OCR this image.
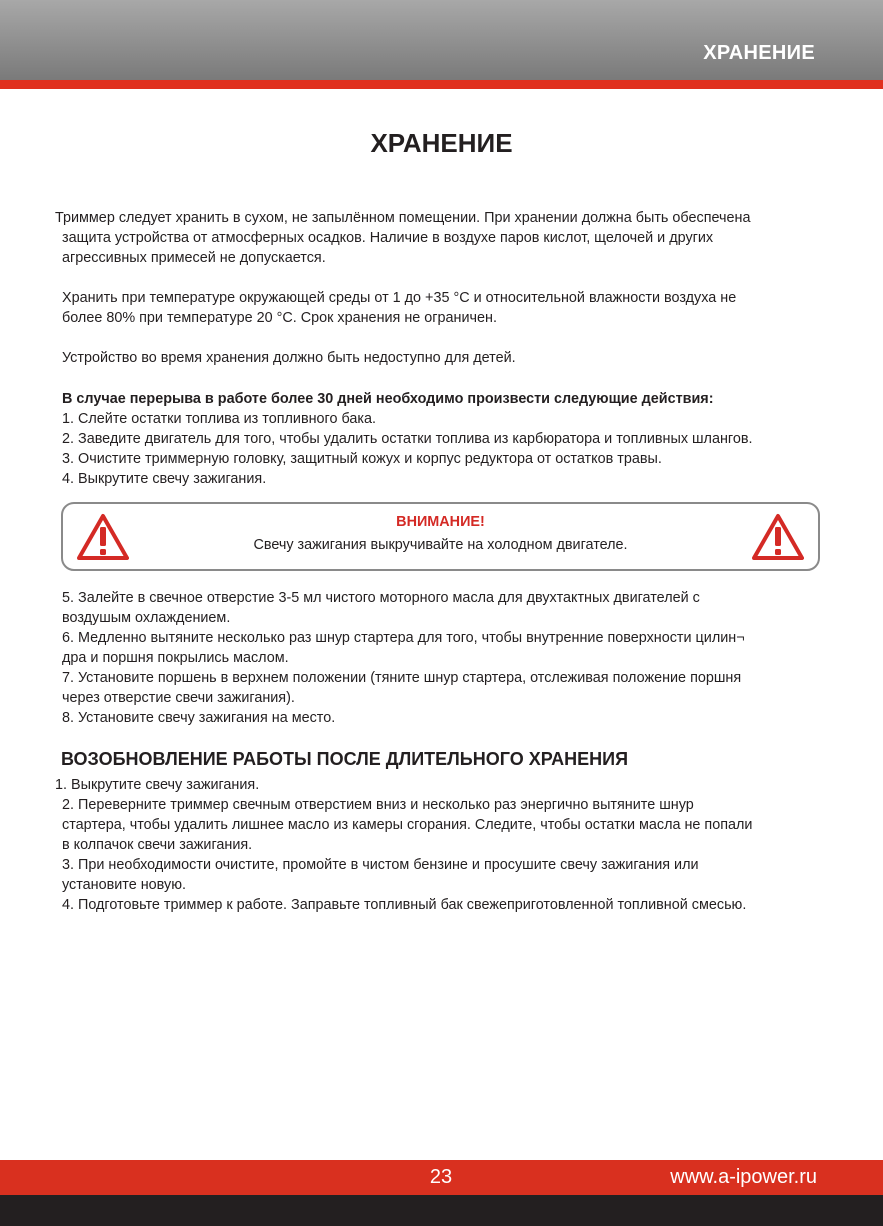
ХРАНЕНИЕ
ХРАНЕНИЕ
Триммер следует хранить в сухом, не запылённом помещении. При хранении должна быть обеспечена
защита устройства от атмосферных осадков. Наличие в воздухе паров кислот, щелочей и других
агрессивных примесей не допускается.
Хранить при температуре окружающей среды от 1 до +35 °С и относительной влажности воздуха не
более 80% при температуре 20 °С. Срок хранения не ограничен.
Устройство во время хранения должно быть недоступно для детей.
В случае перерыва в работе более 30 дней необходимо произвести следующие действия:
1. Слейте остатки топлива из топливного бака.
2. Заведите двигатель для того, чтобы удалить остатки топлива из карбюратора и топливных шлангов.
3. Очистите триммерную головку, защитный кожух и корпус редуктора от остатков травы.
4. Выкрутите свечу зажигания.
ВНИМАНИЕ!
Свечу зажигания выкручивайте на холодном двигателе.
5. Залейте в свечное отверстие 3-5 мл чистого моторного масла для двухтактных двигателей с
воздушым охлаждением.
6. Медленно вытяните несколько раз шнур стартера для того, чтобы внутренние поверхности цилин¬
дра и поршня покрылись маслом.
7. Установите поршень в верхнем положении (тяните шнур стартера, отслеживая положение поршня
через отверстие свечи зажигания).
8. Установите свечу зажигания на место.
ВОЗОБНОВЛЕНИЕ РАБОТЫ ПОСЛЕ ДЛИТЕЛЬНОГО ХРАНЕНИЯ
1. Выкрутите свечу зажигания.
2. Переверните триммер свечным отверстием вниз и несколько раз энергично вытяните шнур
стартера, чтобы удалить лишнее масло из камеры сгорания. Следите, чтобы остатки масла не попали
в колпачок свечи зажигания.
3. При необходимости очистите, промойте в чистом бензине и просушите свечу зажигания или
установите новую.
4. Подготовьте триммер к работе. Заправьте топливный бак свежеприготовленной топливной смесью.
23	www.a-ipower.ru
